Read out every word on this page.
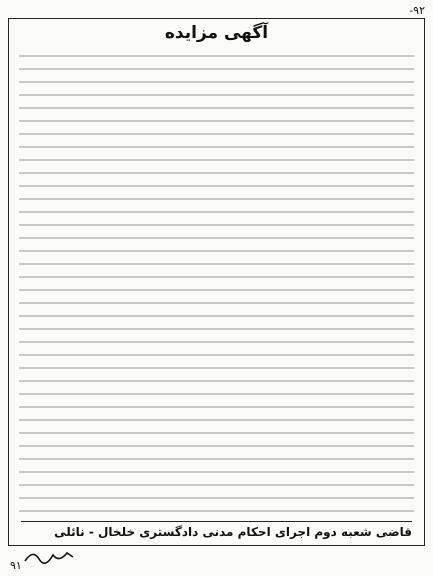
-۹۲
آگهی مزایده
قاضی شعبه دوم اجرای احکام مدنی دادگستری خلخال - نائلی
۹۱
